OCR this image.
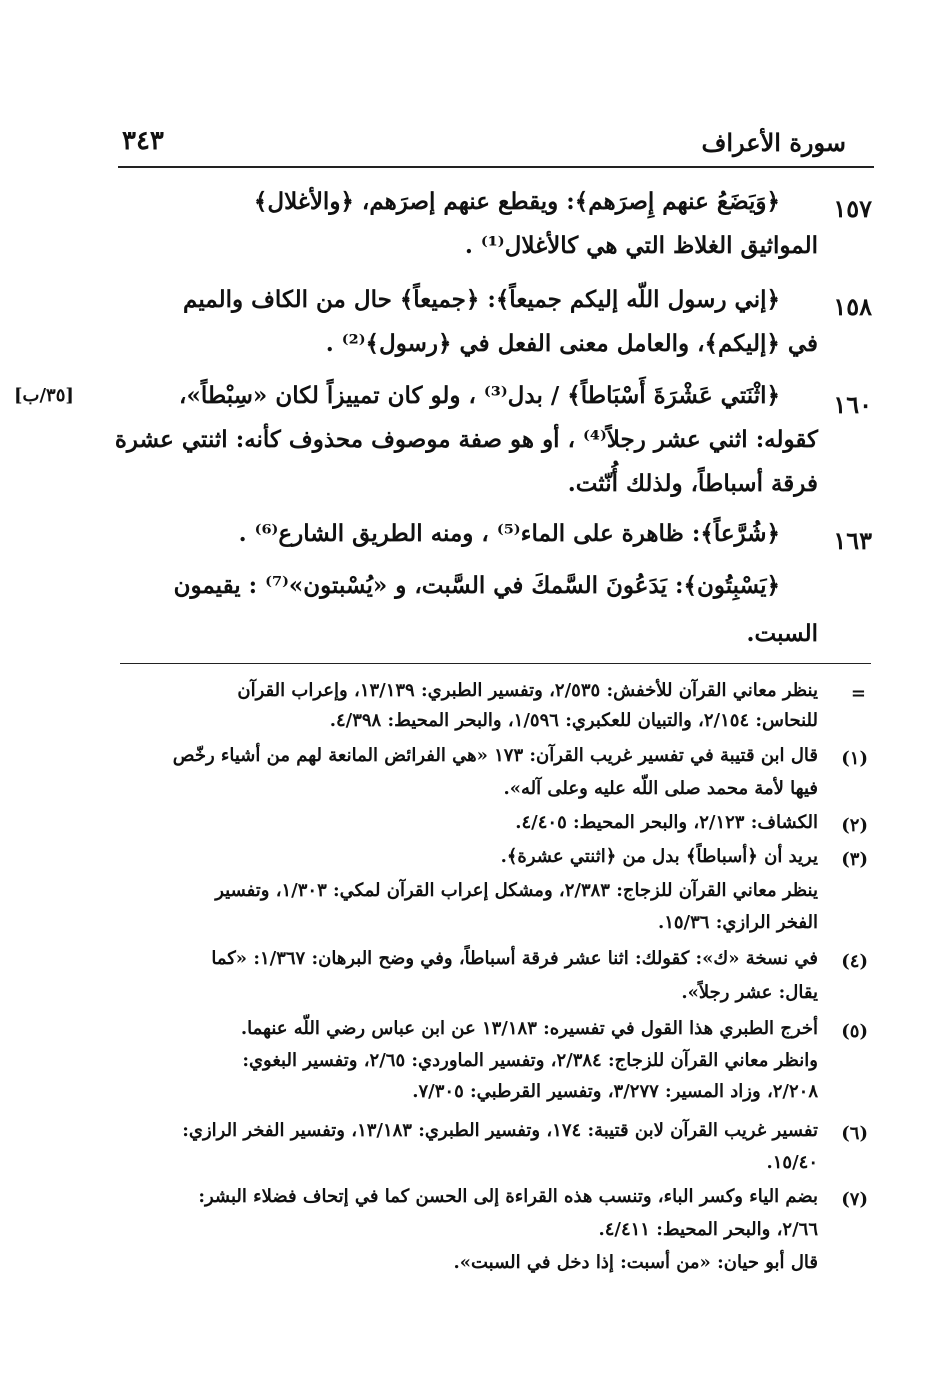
سورة الأعراف
٣٤٣
١٥٧
﴿وَيَضَعُ عنهم إِصرَهم﴾: ويقطع عنهم إصرَهم، ﴿والأغلال﴾
المواثيق الغلاظ التي هي كالأغلال⁽¹⁾ .
١٥٨
﴿إني رسول اللّه إليكم جميعاً﴾: ﴿جميعاً﴾ حال من الكاف والميم
في ﴿إليكم﴾، والعامل معنى الفعل في ﴿رسول﴾⁽²⁾ .
١٦٠
[٣٥/ب]	﴿اثْنَتي عَشْرَةَ أَسْبَاطاً﴾ / بدل⁽³⁾ ، ولو كان تمييزاً لكان «سِبْطاً»،
كقوله: اثني عشر رجلاً⁽⁴⁾ ، أو هو صفة موصوف محذوف كأنه: اثنتي عشرة
فرقة أسباطاً، ولذلك أُنّثت.
١٦٣
﴿شُرَّعاً﴾: ظاهرة على الماء⁽⁵⁾ ، ومنه الطريق الشارع⁽⁶⁾ .
﴿يَسْبِتُون﴾: يَدَعُونَ السَّمكَ في السَّبت، و «يُسْبتون»⁽⁷⁾ : يقيمون
السبت.
=
ينظر معاني القرآن للأخفش: ٢/٥٣٥، وتفسير الطبري: ١٣/١٣٩، وإعراب القرآن
للنحاس: ٢/١٥٤، والتبيان للعكبري: ١/٥٩٦، والبحر المحيط: ٤/٣٩٨.
(١)
قال ابن قتيبة في تفسير غريب القرآن: ١٧٣ «هي الفرائض المانعة لهم من أشياء رخّص
فيها لأمة محمد صلى اللّه عليه وعلى آله».
(٢)
الكشاف: ٢/١٢٣، والبحر المحيط: ٤/٤٠٥.
(٣)
يريد أن ﴿أسباطاً﴾ بدل من ﴿اثنتي عشرة﴾.
ينظر معاني القرآن للزجاج: ٢/٣٨٣، ومشكل إعراب القرآن لمكي: ١/٣٠٣، وتفسير
الفخر الرازي: ١٥/٣٦.
(٤)
في نسخة «ك»: كقولك: اثنا عشر فرقة أسباطاً، وفي وضح البرهان: ١/٣٦٧: «كما
يقال: عشر رجلاً».
(٥)
أخرج الطبري هذا القول في تفسيره: ١٣/١٨٣ عن ابن عباس رضي اللّه عنهما.
وانظر معاني القرآن للزجاج: ٢/٣٨٤، وتفسير الماوردي: ٢/٦٥، وتفسير البغوي:
٢/٢٠٨، وزاد المسير: ٣/٢٧٧، وتفسير القرطبي: ٧/٣٠٥.
(٦)
تفسير غريب القرآن لابن قتيبة: ١٧٤، وتفسير الطبري: ١٣/١٨٣، وتفسير الفخر الرازي:
١٥/٤٠.
(٧)
بضم الياء وكسر الباء، وتنسب هذه القراءة إلى الحسن كما في إتحاف فضلاء البشر:
٢/٦٦، والبحر المحيط: ٤/٤١١.
قال أبو حيان: «من أسبت: إذا دخل في السبت».
